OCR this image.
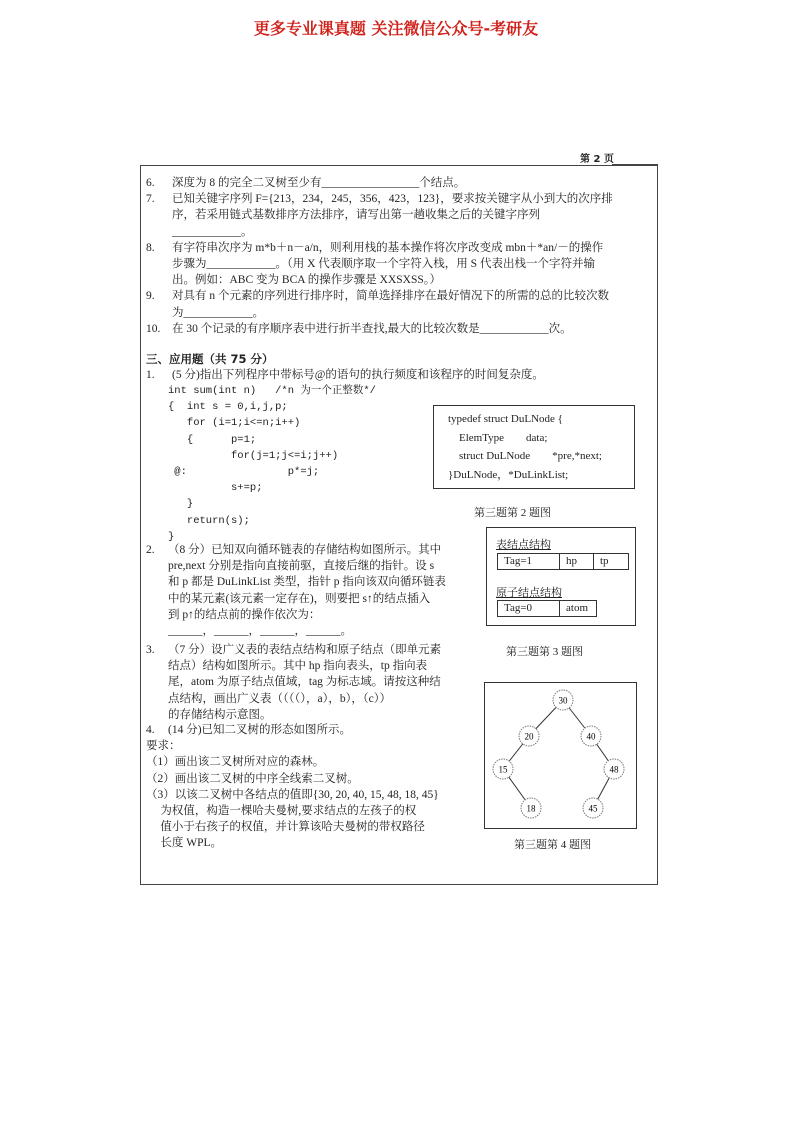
更多专业课真题 关注微信公众号-考研友
第 2 页
6. 深度为 8 的完全二叉树至少有_________________个结点。
7. 已知关键字序列 F={213，234，245，356，423，123}，要求按关键字从小到大的次序排
序，若采用链式基数排序方法排序，请写出第一趟收集之后的关键字序列
____________。
8. 有字符串次序为 m*b＋n－a/n，则利用栈的基本操作将次序改变成 mbn＋*an/－的操作
步骤为____________。（用 X 代表顺序取一个字符入栈，用 S 代表出栈一个字符并输
出。例如：ABC 变为 BCA 的操作步骤是 XXSXSS。）
9. 对具有 n 个元素的序列进行排序时，简单选择排序在最好情况下的所需的总的比较次数
为____________。
10. 在 30 个记录的有序顺序表中进行折半查找,最大的比较次数是____________次。
三、应用题（共 75 分）
1. (5 分)指出下列程序中带标号@的语句的执行频度和该程序的时间复杂度。
int sum(int n)   /*n 为一个正整数*/
{  int s = 0,i,j,p;
for (i=1;i<=n;i++)
{      p=1;
for(j=1;j<=i;j++)
@:                p*=j;
s+=p;
}
return(s);
}
2. （8 分）已知双向循环链表的存储结构如图所示。其中
pre,next 分别是指向直接前驱，直接后继的指针。设 s
和 p 都是 DuLinkList 类型，指针 p 指向该双向循环链表
中的某元素(该元素一定存在)，则要把 s↑的结点插入
到 p↑的结点前的操作依次为：
______，______，______，______。
3. （7 分）设广义表的表结点结构和原子结点（即单元素
结点）结构如图所示。其中 hp 指向表头，tp 指向表
尾，atom 为原子结点值域，tag 为标志域。请按这种结
点结构，画出广义表（（（（），a），b），（c））
的存储结构示意图。
4. (14 分)已知二叉树的形态如图所示。
要求：
（1）画出该二叉树所对应的森林。
（2）画出该二叉树的中序全线索二叉树。
（3）以该二叉树中各结点的值即{30, 20, 40, 15, 48, 18, 45}
为权值，构造一棵哈夫曼树,要求结点的左孩子的权
值小于右孩子的权值，并计算该哈夫曼树的带权路径
长度 WPL。
typedef struct DuLNode {
ElemType        data;
struct DuLNode        *pre,*next;
}DuLNode，*DuLinkList;
第三题第 2 题图
表结点结构
Tag=1	hp	tp
原子结点结构
Tag=0	atom
第三题第 3 题图
30
20	40
15	48
18	45
第三题第 4 题图
